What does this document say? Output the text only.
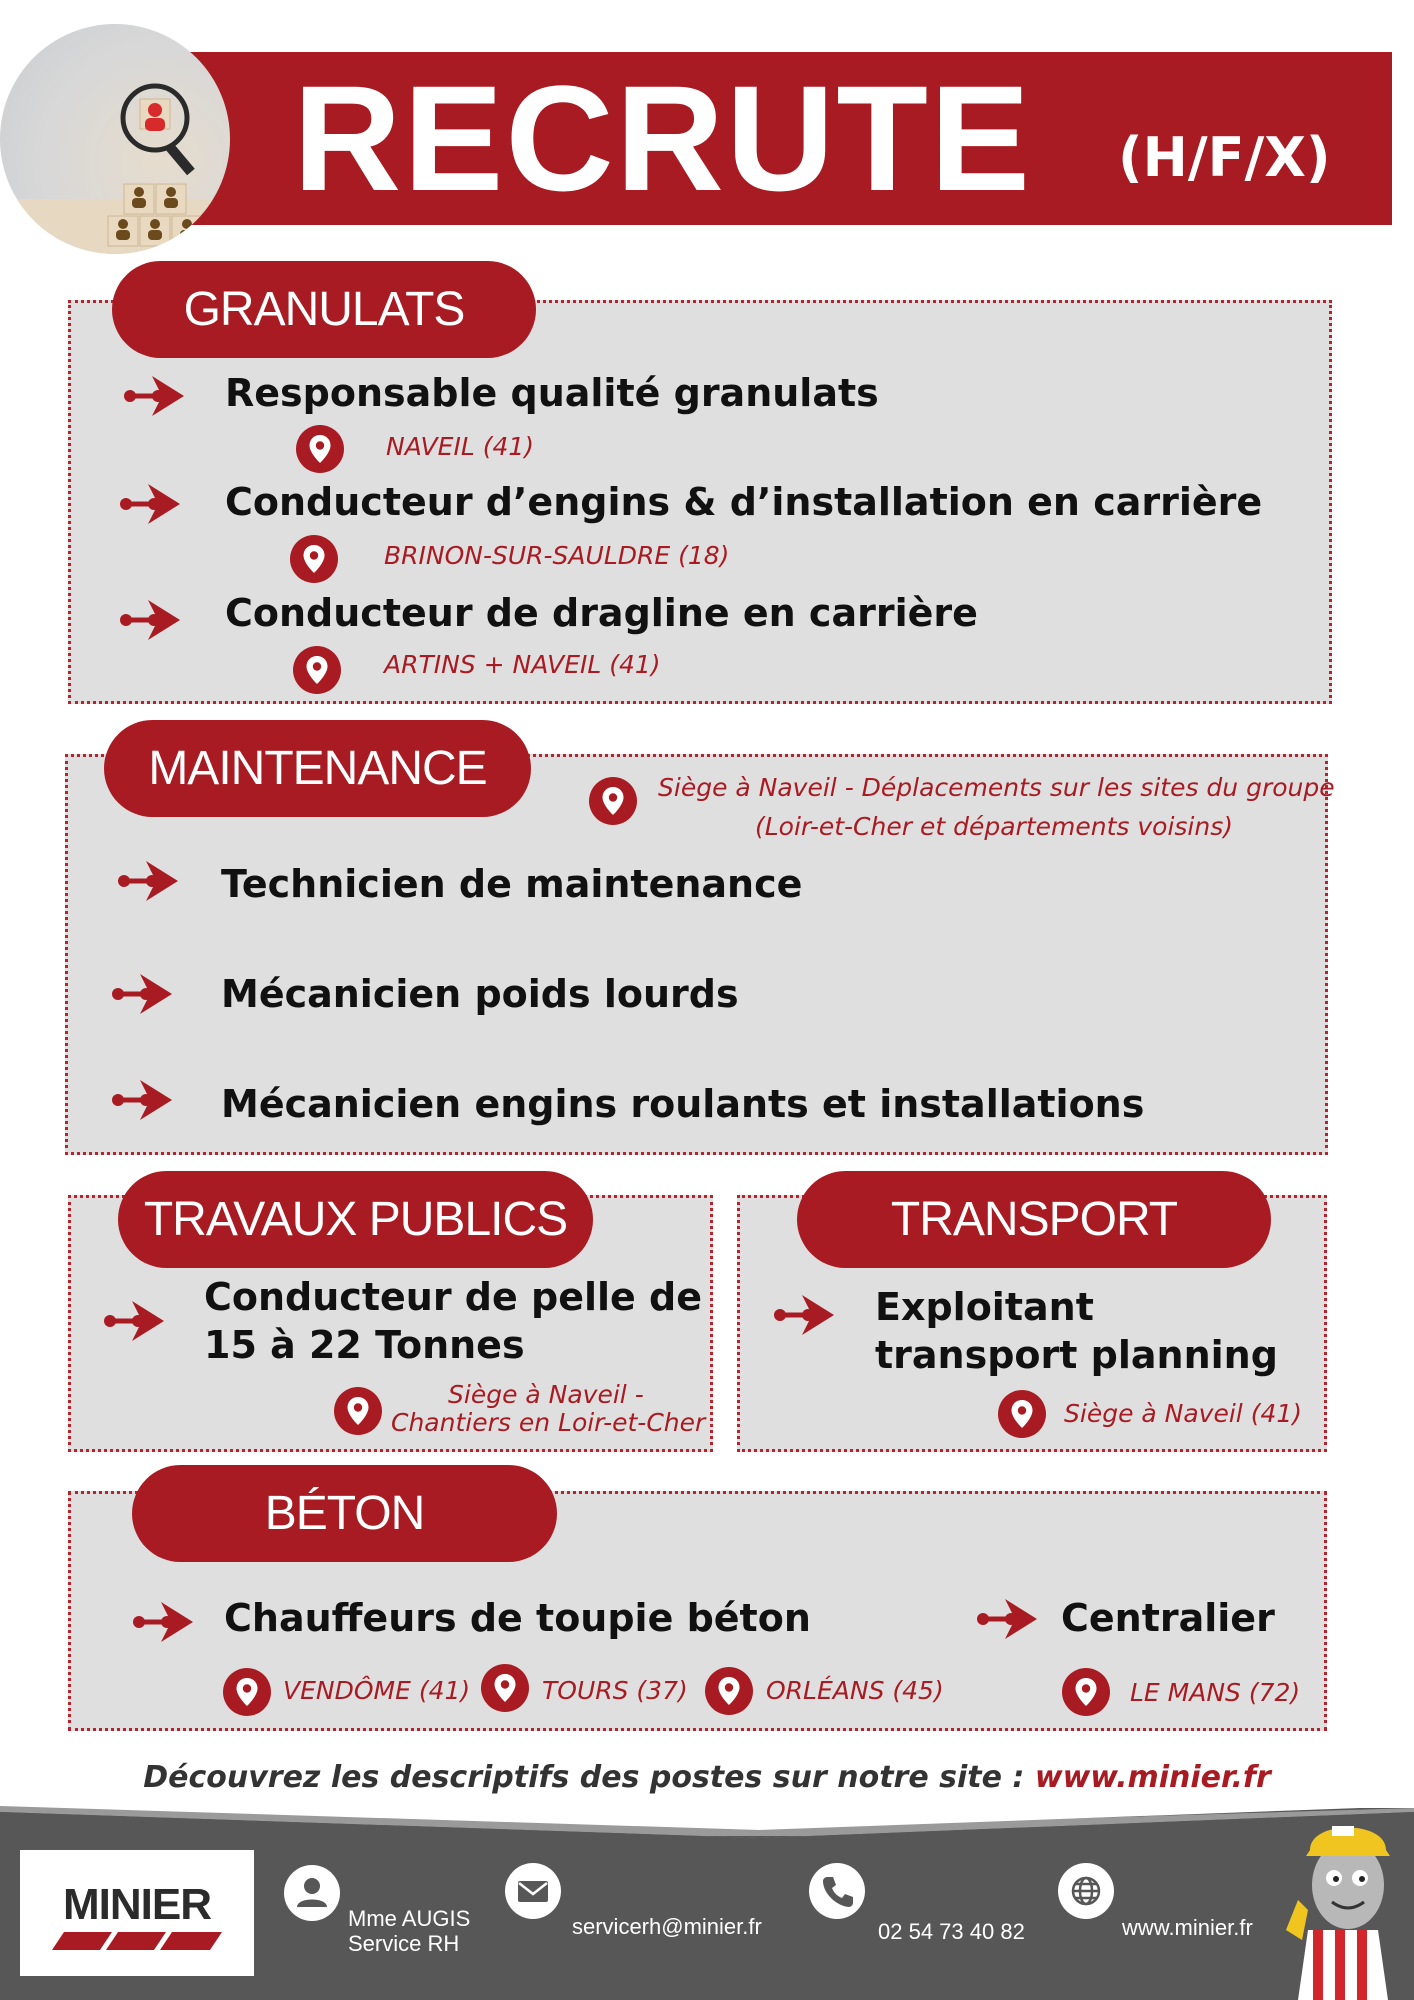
RECRUTE (H/F/X)
GRANULATS
Responsable qualité granulats
NAVEIL (41)
Conducteur d’engins & d’installation en carrière
BRINON-SUR-SAULDRE (18)
Conducteur de dragline en carrière
ARTINS + NAVEIL (41)
MAINTENANCE	Siège à Naveil - Déplacements sur les sites du groupe
(Loir-et-Cher et départements voisins)
Technicien de maintenance
Mécanicien poids lourds
Mécanicien engins roulants et installations
TRAVAUX PUBLICS
Conducteur de pelle de
15 à 22 Tonnes
Siège à Naveil -
Chantiers en Loir-et-Cher
TRANSPORT
Exploitant
transport planning
Siège à Naveil (41)
BÉTON
Chauffeurs de toupie béton
VENDÔME (41)	TOURS (37)	ORLÉANS (45)
Centralier
LE MANS (72)
Découvrez les descriptifs des postes sur notre site : www.minier.fr
MINIER	Mme AUGIS
Service RH
servicerh@minier.fr	02 54 73 40 82	www.minier.fr
